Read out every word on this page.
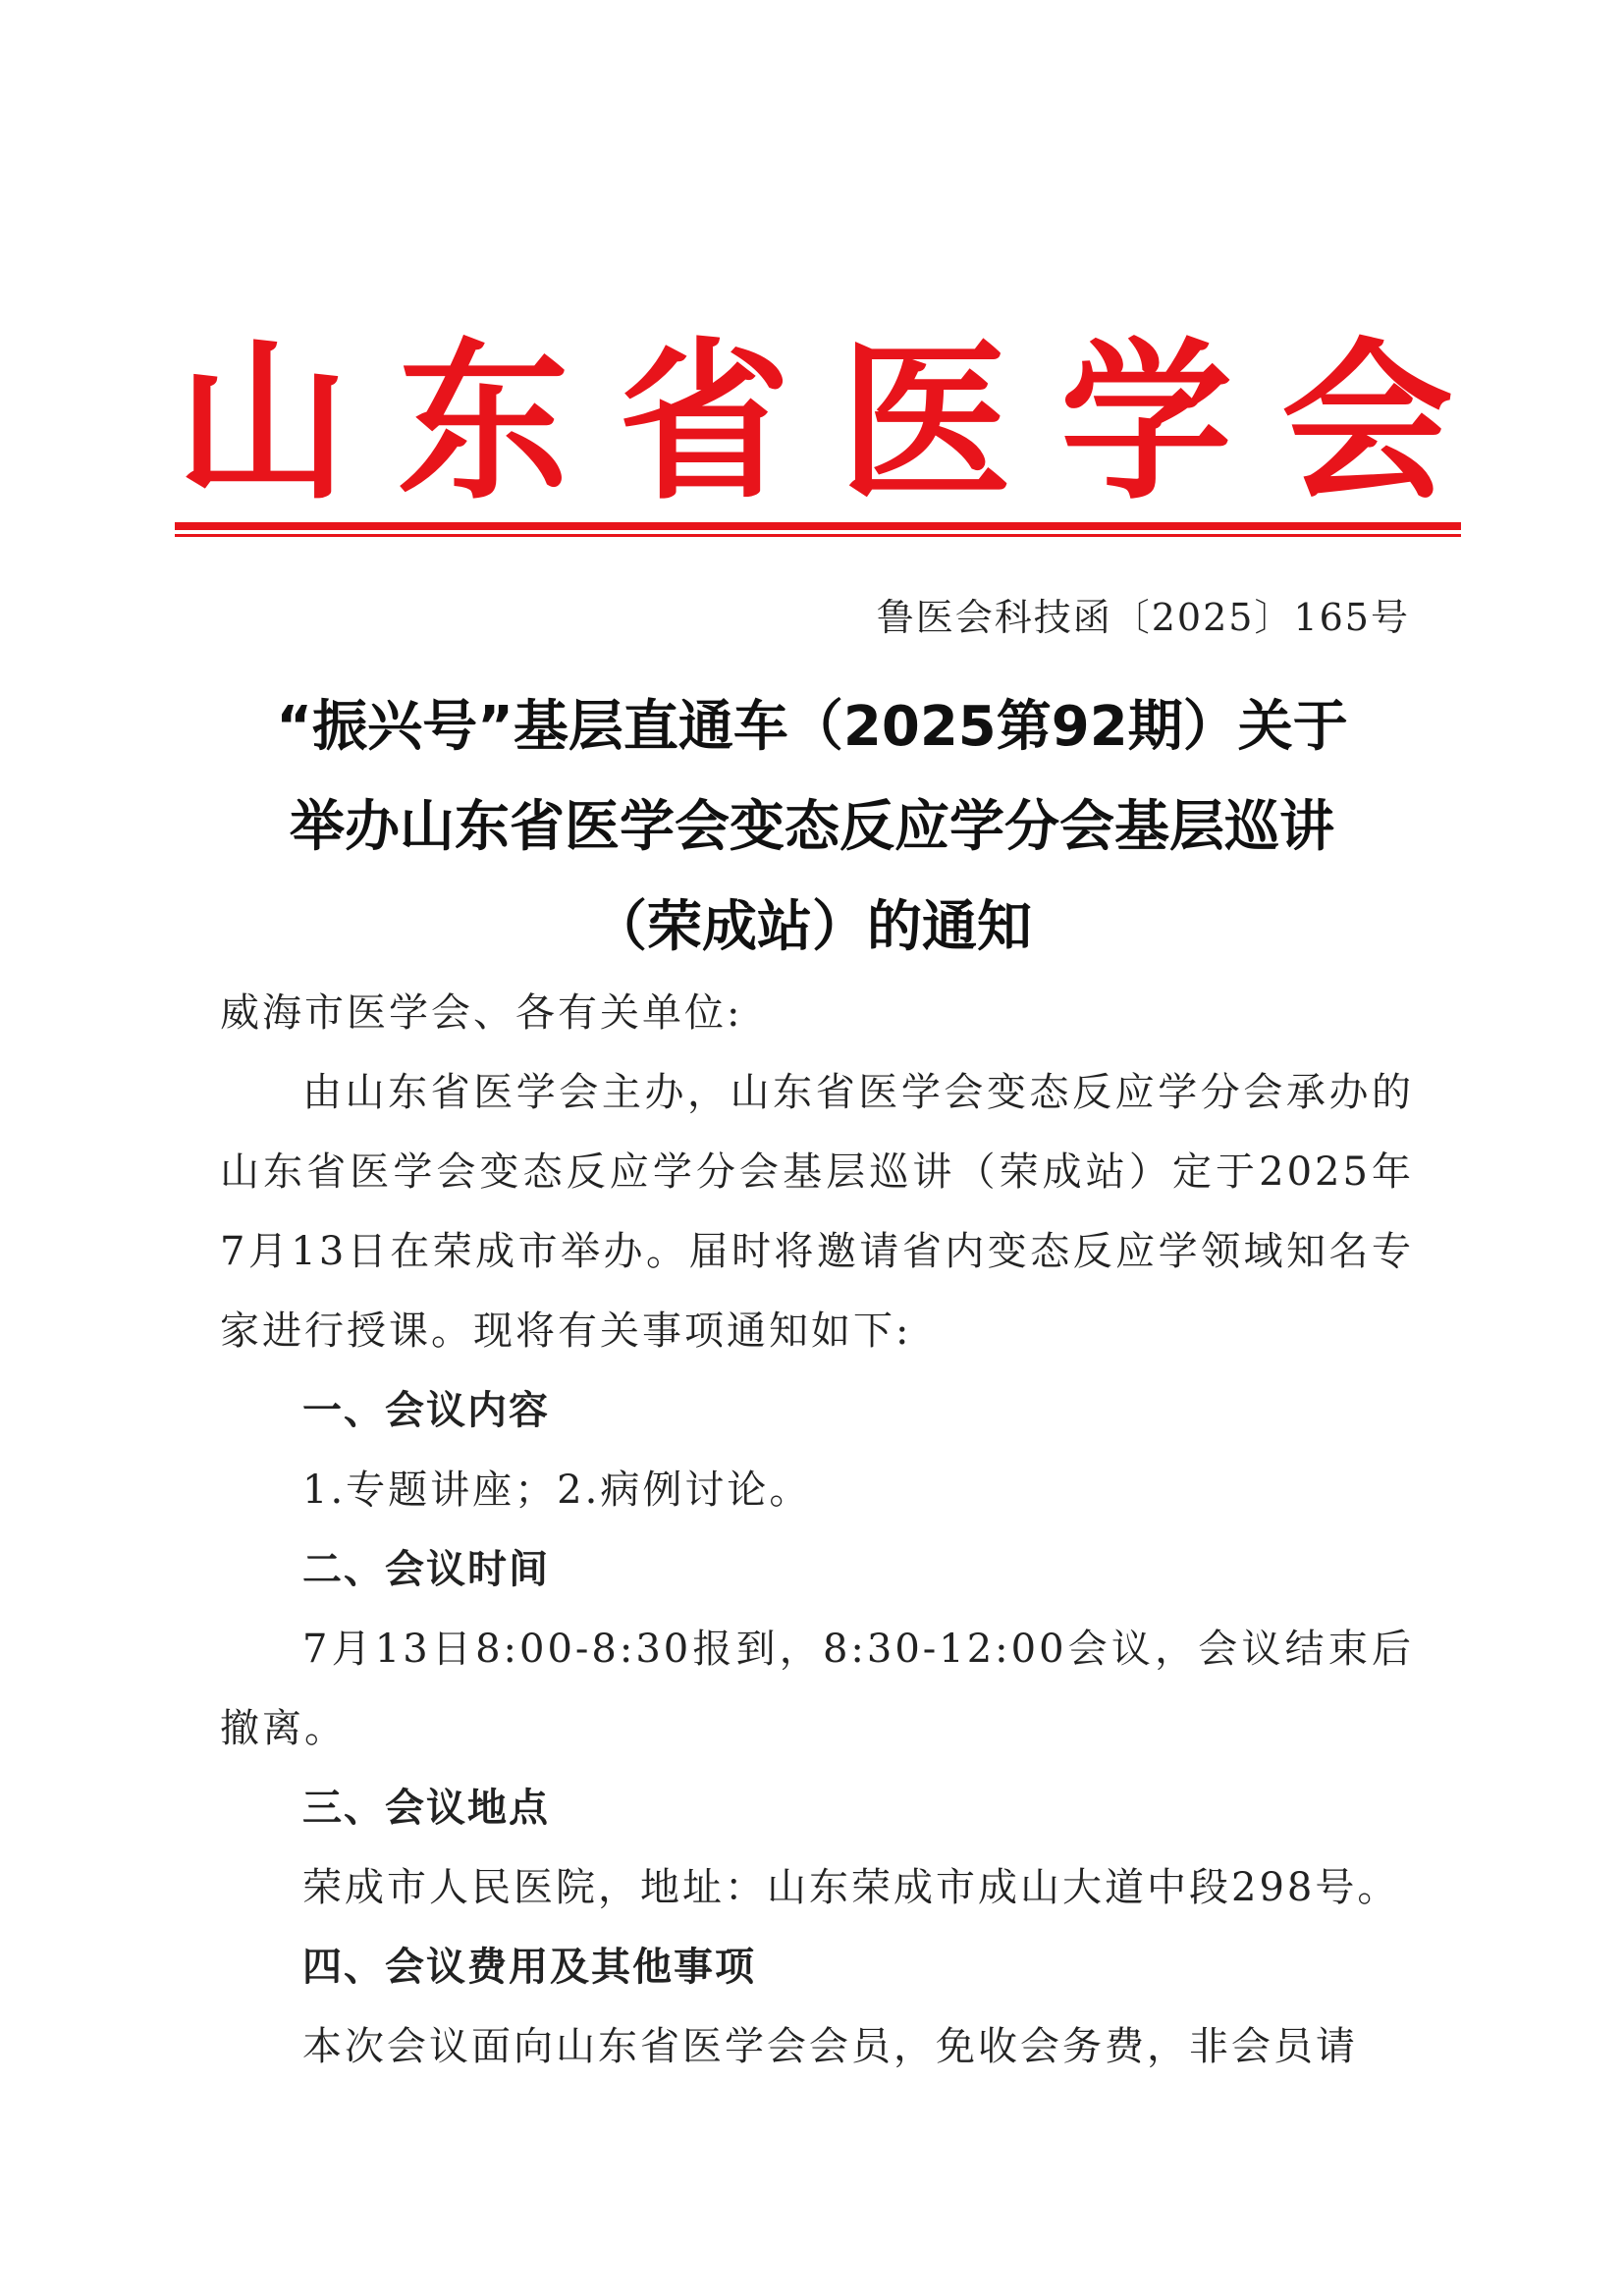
山 东 省 医 学 会
鲁医会科技函〔2025〕165号
“振兴号”基层直通车（2025第92期）关于
举办山东省医学会变态反应学分会基层巡讲
（荣成站）的通知

威海市医学会、各有关单位:

由山东省医学会主办，山东省医学会变态反应学分会承办的山东省医学会变态反应学分会基层巡讲（荣成站）定于2025年7月13日在荣成市举办。届时将邀请省内变态反应学领域知名专家进行授课。现将有关事项通知如下:

一、会议内容

1.专题讲座；2.病例讨论。

二、会议时间

7月13日8:00-8:30报到，8:30-12:00会议，会议结束后撤离。

三、会议地点

荣成市人民医院，地址：山东荣成市成山大道中段298号。

四、会议费用及其他事项

本次会议面向山东省医学会会员，免收会务费，非会员请
